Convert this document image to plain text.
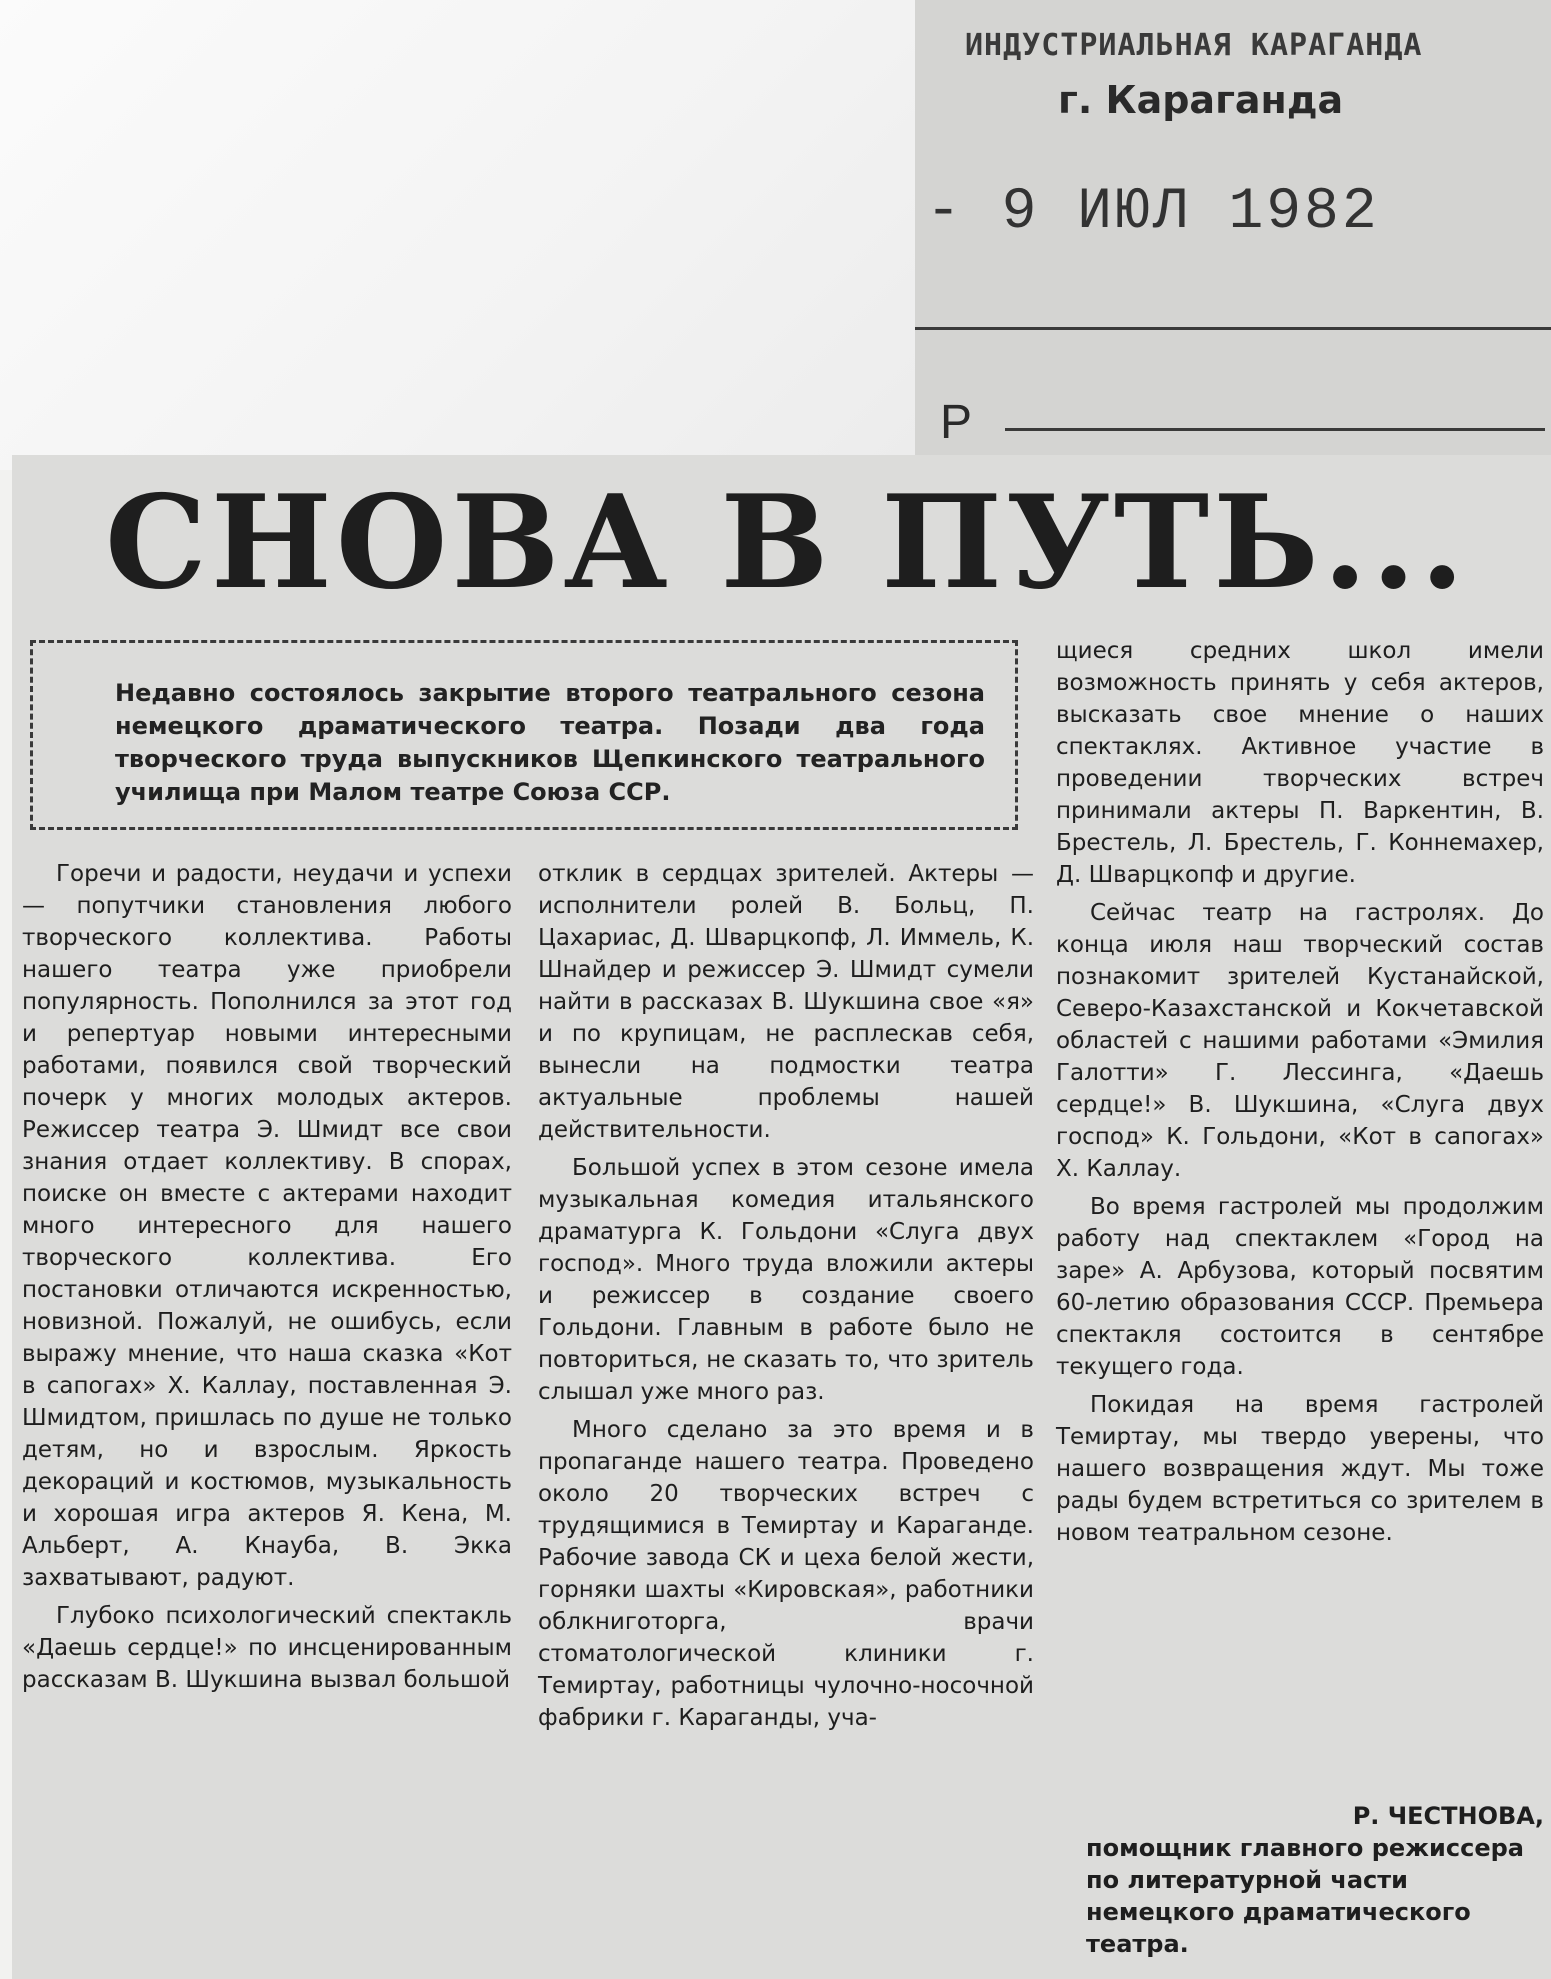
ИНДУСТРИАЛЬНАЯ КАРАГАНДА
г. Караганда
- 9 ИЮЛ 1982
Р
СНОВА В ПУТЬ...
Недавно состоялось закрытие второго театрального сезона немецкого драматического театра. Позади два года творческого труда выпускников Щепкинского театрального училища при Малом театре Союза ССР.

Горечи и радости, неудачи и успехи — попутчики становления любого творческого коллектива. Работы нашего театра уже приобрели популярность. Пополнился за этот год и репертуар новыми интересными работами, появился свой творческий почерк у многих молодых актеров. Режиссер театра Э. Шмидт все свои знания отдает коллективу. В спорах, поиске он вместе с актерами находит много интересного для нашего творческого коллектива. Его постановки отличаются искренностью, новизной. Пожалуй, не ошибусь, если выражу мнение, что наша сказка «Кот в сапогах» Х. Каллау, поставленная Э. Шмидтом, пришлась по душе не только детям, но и взрослым. Яркость декораций и костюмов, музыкальность и хорошая игра актеров Я. Кена, М. Альберт, А. Кнауба, В. Экка захватывают, радуют.

Глубоко психологический спектакль «Даешь сердце!» по инсценированным рассказам В. Шукшина вызвал большой

отклик в сердцах зрителей. Актеры — исполнители ролей В. Больц, П. Цахариас, Д. Шварцкопф, Л. Иммель, К. Шнайдер и режиссер Э. Шмидт сумели найти в рассказах В. Шукшина свое «я» и по крупицам, не расплескав себя, вынесли на подмостки театра актуальные проблемы нашей действительности.

Большой успех в этом сезоне имела музыкальная комедия итальянского драматурга К. Гольдони «Слуга двух господ». Много труда вложили актеры и режиссер в создание своего Гольдони. Главным в работе было не повториться, не сказать то, что зритель слышал уже много раз.

Много сделано за это время и в пропаганде нашего театра. Проведено около 20 творческих встреч с трудящимися в Темиртау и Караганде. Рабочие завода СК и цеха белой жести, горняки шахты «Кировская», работники облкниготорга, врачи стоматологической клиники г. Темиртау, работницы чулочно-носочной фабрики г. Караганды, уча-

щиеся средних школ имели возможность принять у себя актеров, высказать свое мнение о наших спектаклях. Активное участие в проведении творческих встреч принимали актеры П. Варкентин, В. Брестель, Л. Брестель, Г. Коннемахер, Д. Шварцкопф и другие.

Сейчас театр на гастролях. До конца июля наш творческий состав познакомит зрителей Кустанайской, Северо-Казахстанской и Кокчетавской областей с нашими работами «Эмилия Галотти» Г. Лессинга, «Даешь сердце!» В. Шукшина, «Слуга двух господ» К. Гольдони, «Кот в сапогах» Х. Каллау.

Во время гастролей мы продолжим работу над спектаклем «Город на заре» А. Арбузова, который посвятим 60-летию образования СССР. Премьера спектакля состоится в сентябре текущего года.

Покидая на время гастролей Темиртау, мы твердо уверены, что нашего возвращения ждут. Мы тоже рады будем встретиться со зрителем в новом театральном сезоне.

Р. ЧЕСТНОВА,
помощник главного режиссера по литературной части немецкого драматического театра.
